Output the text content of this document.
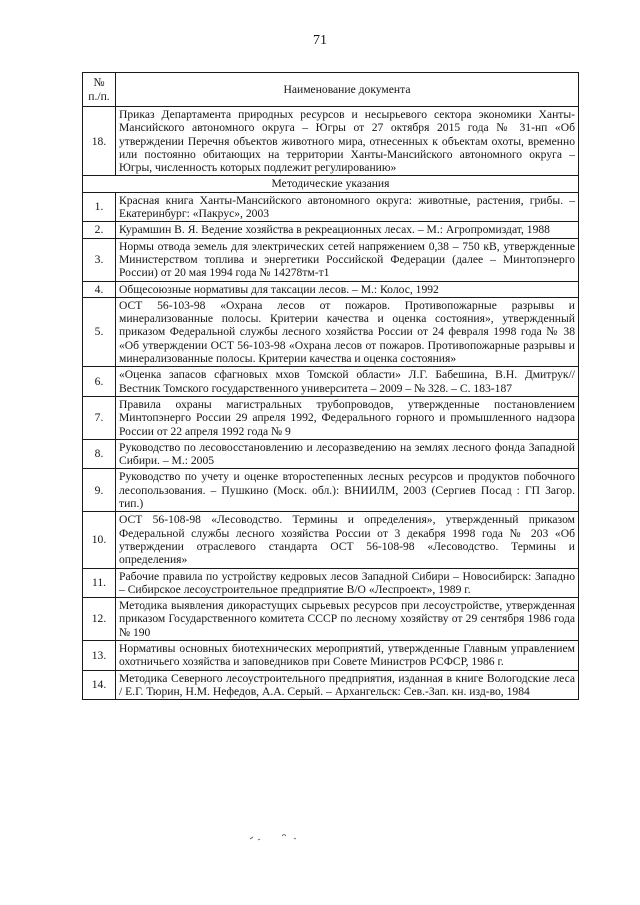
71
№ п./п.	Наименование документа
18.	Приказ Департамента природных ресурсов и несырьевого сектора экономики Ханты-Мансийского автономного округа – Югры от 27 октября 2015 года № 31-нп «Об утверждении Перечня объектов животного мира, отнесенных к объектам охоты, временно или постоянно обитающих на территории Ханты-Мансийского автономного округа – Югры, численность которых подлежит регулированию»
Методические указания	
1.	Красная книга Ханты-Мансийского автономного округа: животные, растения, грибы. – Екатеринбург: «Пакрус», 2003
2.	Курамшин В. Я. Ведение хозяйства в рекреационных лесах. – М.: Агропромиздат, 1988
3.	Нормы отвода земель для электрических сетей напряжением 0,38 – 750 кВ, утвержденные Министерством топлива и энергетики Российской Федерации (далее – Минтопэнерго России) от 20 мая 1994 года № 14278тм-т1
4.	Общесоюзные нормативы для таксации лесов. – М.: Колос, 1992
5.	ОСТ 56-103-98 «Охрана лесов от пожаров. Противопожарные разрывы и минерализованные полосы. Критерии качества и оценка состояния», утвержденный приказом Федеральной службы лесного хозяйства России от 24 февраля 1998 года № 38 «Об утверждении ОСТ 56-103-98 «Охрана лесов от пожаров. Противопожарные разрывы и минерализованные полосы. Критерии качества и оценка состояния»
6.	«Оценка запасов сфагновых мхов Томской области» Л.Г. Бабешина, В.Н. Дмитрук// Вестник Томского государственного университета – 2009 – № 328. – С. 183-187
7.	Правила охраны магистральных трубопроводов, утвержденные постановлением Минтопэнерго России 29 апреля 1992, Федерального горного и промышленного надзора России от 22 апреля 1992 года № 9
8.	Руководство по лесовосстановлению и лесоразведению на землях лесного фонда Западной Сибири. – М.: 2005
9.	Руководство по учету и оценке второстепенных лесных ресурсов и продуктов побочного лесопользования. – Пушкино (Моск. обл.): ВНИИЛМ, 2003 (Сергиев Посад : ГП Загор. тип.)
10.	ОСТ 56-108-98 «Лесоводство. Термины и определения», утвержденный приказом Федеральной службы лесного хозяйства России от 3 декабря 1998 года № 203 «Об утверждении отраслевого стандарта ОСТ 56-108-98 «Лесоводство. Термины и определения»
11.	Рабочие правила по устройству кедровых лесов Западной Сибири – Новосибирск: Западно – Сибирское лесоустроительное предприятие В/О «Леспроект», 1989 г.
12.	Методика выявления дикорастущих сырьевых ресурсов при лесоустройстве, утвержденная приказом Государственного комитета СССР по лесному хозяйству от 29 сентября 1986 года № 190
13.	Нормативы основных биотехнических мероприятий, утвержденные Главным управлением охотничьего хозяйства и заповедников при Совете Министров РСФСР, 1986 г.
14.	Методика Северного лесоустроительного предприятия, изданная в книге Вологодские леса / Е.Г. Тюрин, Н.М. Нефедов, А.А. Серый. – Архангельск: Сев.-Зап. кн. изд-во, 1984
